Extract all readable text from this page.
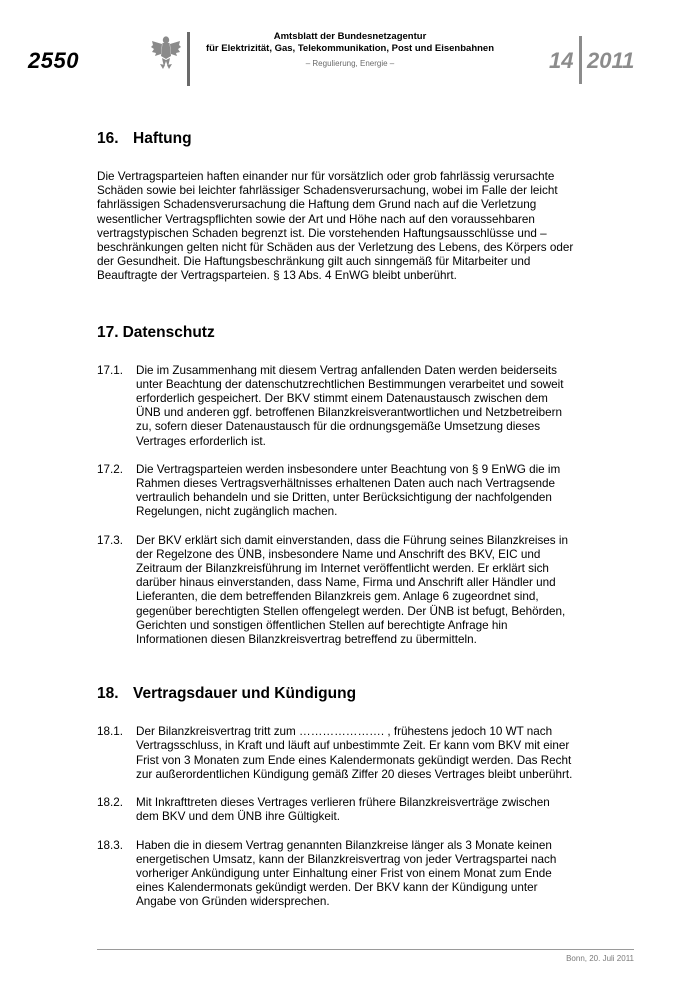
2550
Amtsblatt der Bundesnetzagentur
für Elektrizität, Gas, Telekommunikation, Post und Eisenbahnen
– Regulierung, Energie –	14 2011
16. Haftung

Die Vertragsparteien haften einander nur für vorsätzlich oder grob fahrlässig verursachte Schäden sowie bei leichter fahrlässiger Schadensverursachung, wobei im Falle der leicht fahrlässigen Schadensverursachung die Haftung dem Grund nach auf die Verletzung wesentlicher Vertragspflichten sowie der Art und Höhe nach auf den voraussehbaren vertragstypischen Schaden begrenzt ist. Die vorstehenden Haftungsausschlüsse und –beschränkungen gelten nicht für Schäden aus der Verletzung des Lebens, des Körpers oder der Gesundheit. Die Haftungsbeschränkung gilt auch sinngemäß für Mitarbeiter und Beauftragte der Vertragsparteien. § 13 Abs. 4 EnWG bleibt unberührt.

17. Datenschutz
17.1.	Die im Zusammenhang mit diesem Vertrag anfallenden Daten werden beiderseits unter Beachtung der datenschutzrechtlichen Bestimmungen verarbeitet und soweit erforderlich gespeichert. Der BKV stimmt einem Datenaustausch zwischen dem ÜNB und anderen ggf. betroffenen Bilanzkreisverantwortlichen und Netzbetreibern zu, sofern dieser Datenaustausch für die ordnungsgemäße Umsetzung dieses Vertrages erforderlich ist.
17.2.	Die Vertragsparteien werden insbesondere unter Beachtung von § 9 EnWG die im Rahmen dieses Vertragsverhältnisses erhaltenen Daten auch nach Vertragsende vertraulich behandeln und sie Dritten, unter Berücksichtigung der nachfolgenden Regelungen, nicht zugänglich machen.
17.3.	Der BKV erklärt sich damit einverstanden, dass die Führung seines Bilanzkreises in der Regelzone des ÜNB, insbesondere Name und Anschrift des BKV, EIC und Zeitraum der Bilanzkreisführung im Internet veröffentlicht werden. Er erklärt sich darüber hinaus einverstanden, dass Name, Firma und Anschrift aller Händler und Lieferanten, die dem betreffenden Bilanzkreis gem. Anlage 6 zugeordnet sind, gegenüber berechtigten Stellen offengelegt werden. Der ÜNB ist befugt, Behörden, Gerichten und sonstigen öffentlichen Stellen auf berechtigte Anfrage hin Informationen diesen Bilanzkreisvertrag betreffend zu übermitteln.
18. Vertragsdauer und Kündigung
18.1.	Der Bilanzkreisvertrag tritt zum …………………. , frühestens jedoch 10 WT nach Vertragsschluss, in Kraft und läuft auf unbestimmte Zeit. Er kann vom BKV mit einer Frist von 3 Monaten zum Ende eines Kalendermonats gekündigt werden. Das Recht zur außerordentlichen Kündigung gemäß Ziffer 20 dieses Vertrages bleibt unberührt.
18.2.	Mit Inkrafttreten dieses Vertrages verlieren frühere Bilanzkreisverträge zwischen dem BKV und dem ÜNB ihre Gültigkeit.
18.3.	Haben die in diesem Vertrag genannten Bilanzkreise länger als 3 Monate keinen energetischen Umsatz, kann der Bilanzkreisvertrag von jeder Vertragspartei nach vorheriger Ankündigung unter Einhaltung einer Frist von einem Monat zum Ende eines Kalendermonats gekündigt werden. Der BKV kann der Kündigung unter Angabe von Gründen widersprechen.
Bonn, 20. Juli 2011
